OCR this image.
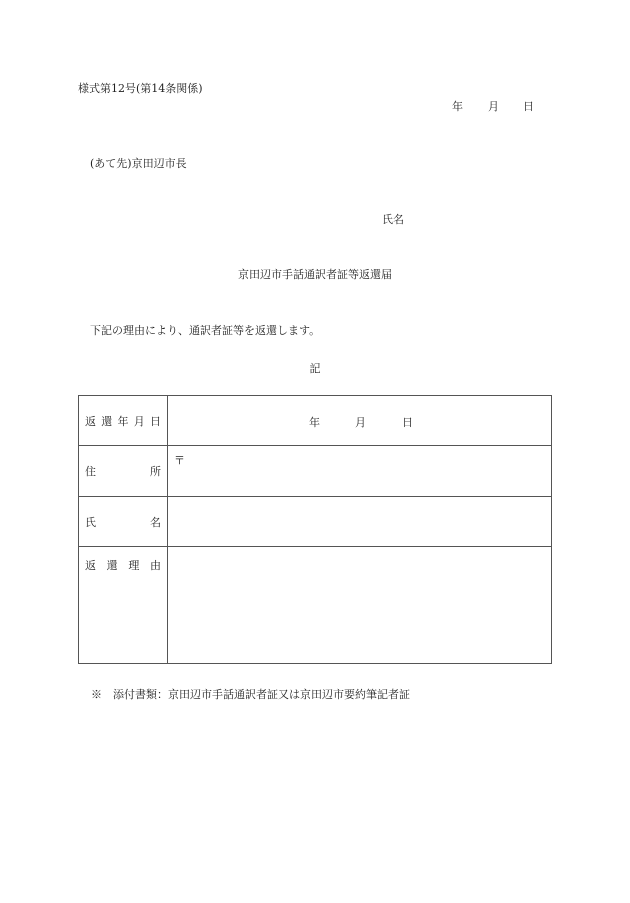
様式第12号(第14条関係)
年 月 日
(あて先)京田辺市長
氏名
京田辺市手話通訳者証等返還届
下記の理由により、通訳者証等を返還します。
記
返 還 年 月 日	年 月 日

住 所	〒

氏 名	

返 還 理 由	

※　添付書類：京田辺市手話通訳者証又は京田辺市要約筆記者証
